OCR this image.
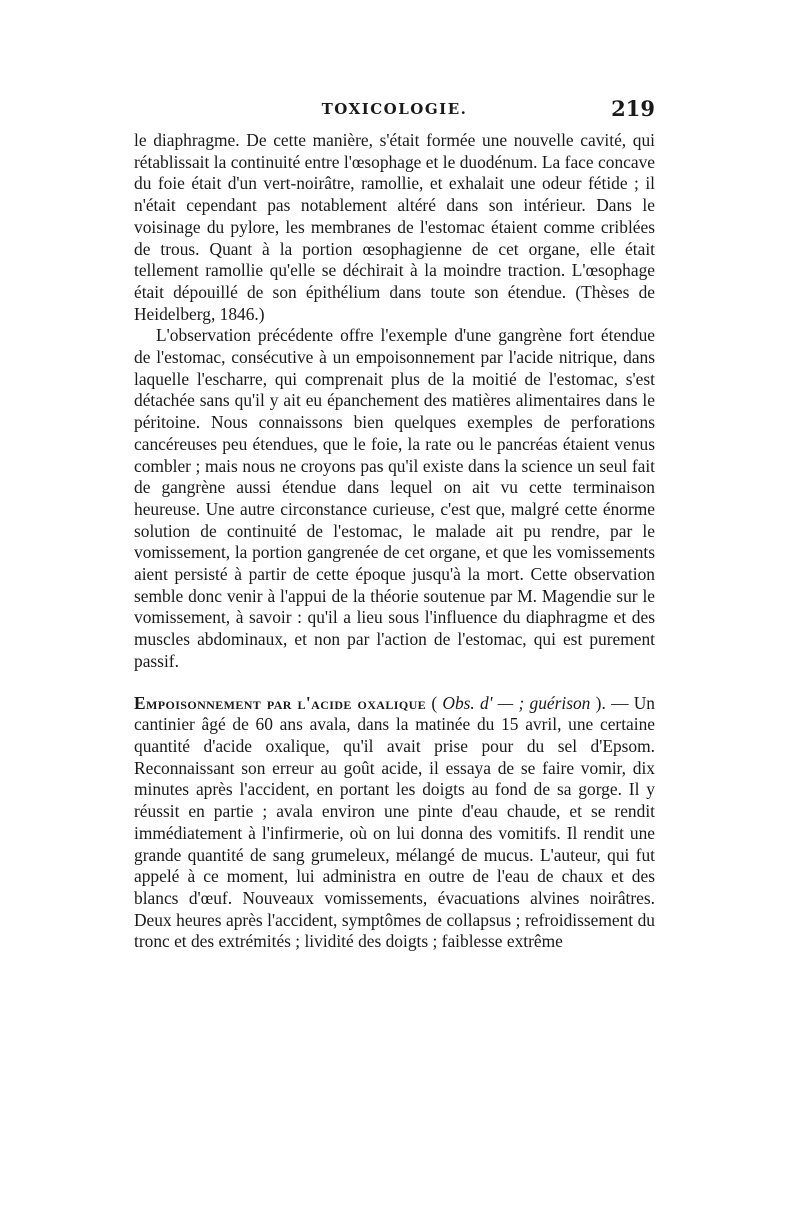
TOXICOLOGIE.	219

le diaphragme. De cette manière, s'était formée une nouvelle cavité, qui rétablissait la continuité entre l'œsophage et le duodénum. La face concave du foie était d'un vert-noirâtre, ramollie, et exhalait une odeur fétide ; il n'était cependant pas notablement altéré dans son intérieur. Dans le voisinage du pylore, les membranes de l'estomac étaient comme criblées de trous. Quant à la portion œsophagienne de cet organe, elle était tellement ramollie qu'elle se déchirait à la moindre traction. L'œsophage était dépouillé de son épithélium dans toute son étendue. (Thèses de Heidelberg, 1846.)

L'observation précédente offre l'exemple d'une gangrène fort étendue de l'estomac, consécutive à un empoisonnement par l'acide nitrique, dans laquelle l'escharre, qui comprenait plus de la moitié de l'estomac, s'est détachée sans qu'il y ait eu épanchement des matières alimentaires dans le péritoine. Nous connaissons bien quelques exemples de perforations cancéreuses peu étendues, que le foie, la rate ou le pancréas étaient venus combler ; mais nous ne croyons pas qu'il existe dans la science un seul fait de gangrène aussi étendue dans lequel on ait vu cette terminaison heureuse. Une autre circonstance curieuse, c'est que, malgré cette énorme solution de continuité de l'estomac, le malade ait pu rendre, par le vomissement, la portion gangrenée de cet organe, et que les vomissements aient persisté à partir de cette époque jusqu'à la mort. Cette observation semble donc venir à l'appui de la théorie soutenue par M. Magendie sur le vomissement, à savoir : qu'il a lieu sous l'influence du diaphragme et des muscles abdominaux, et non par l'action de l'estomac, qui est purement passif.

Empoisonnement par l'acide oxalique ( Obs. d' — ; guérison ). — Un cantinier âgé de 60 ans avala, dans la matinée du 15 avril, une certaine quantité d'acide oxalique, qu'il avait prise pour du sel d'Epsom. Reconnaissant son erreur au goût acide, il essaya de se faire vomir, dix minutes après l'accident, en portant les doigts au fond de sa gorge. Il y réussit en partie ; avala environ une pinte d'eau chaude, et se rendit immédiatement à l'infirmerie, où on lui donna des vomitifs. Il rendit une grande quantité de sang grumeleux, mélangé de mucus. L'auteur, qui fut appelé à ce moment, lui administra en outre de l'eau de chaux et des blancs d'œuf. Nouveaux vomissements, évacuations alvines noirâtres. Deux heures après l'accident, symptômes de collapsus ; refroidissement du tronc et des extrémités ; lividité des doigts ; faiblesse extrême
